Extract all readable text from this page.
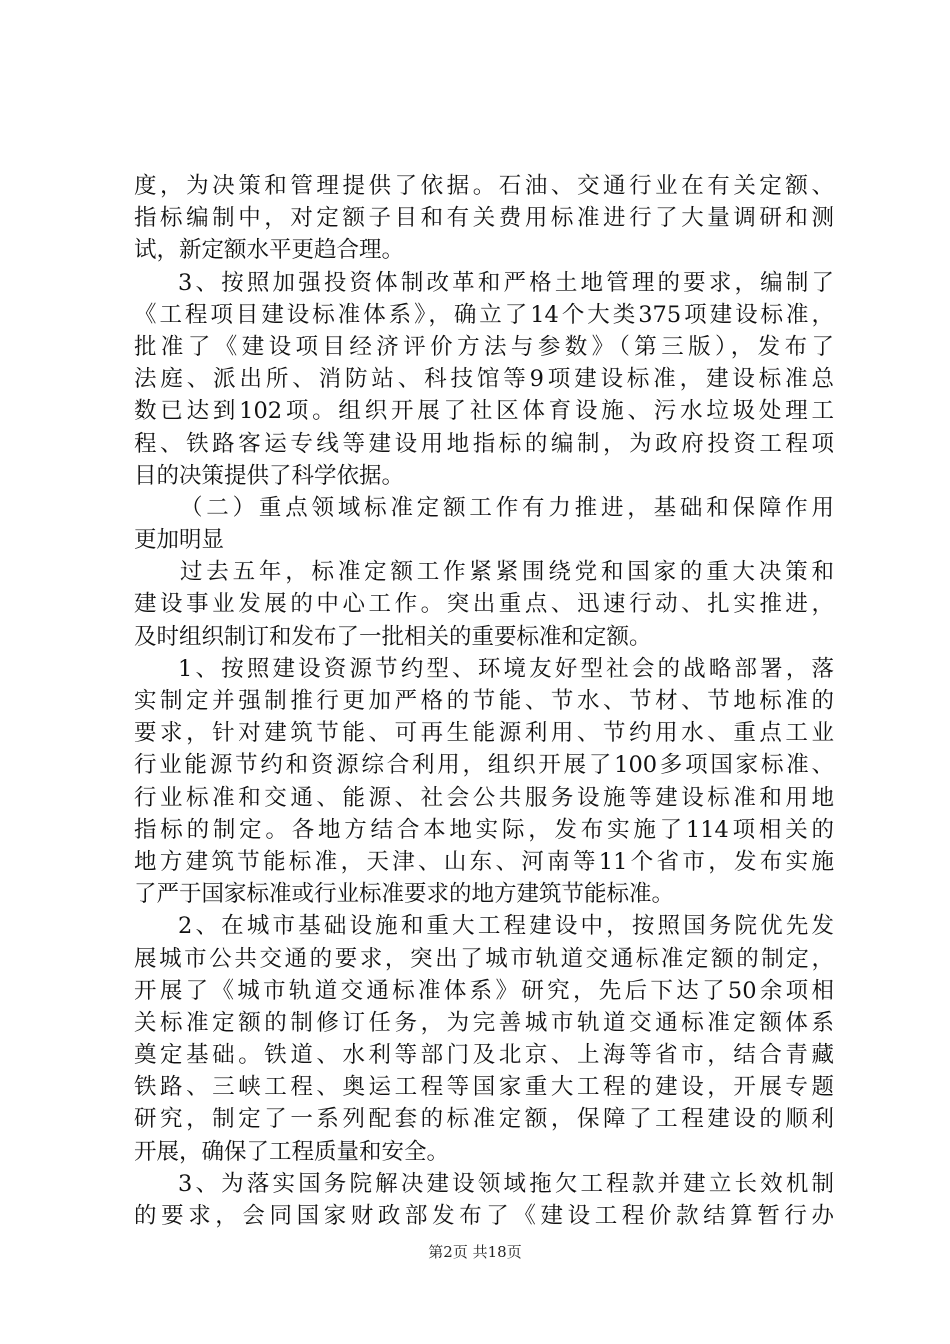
度，为决策和管理提供了依据。石油、交通行业在有关定额、
指标编制中，对定额子目和有关费用标准进行了大量调研和测
试，新定额水平更趋合理。
3、按照加强投资体制改革和严格土地管理的要求，编制了
《工程项目建设标准体系》，确立了14个大类375项建设标准，
批准了《建设项目经济评价方法与参数》（第三版），发布了
法庭、派出所、消防站、科技馆等9项建设标准，建设标准总
数已达到102项。组织开展了社区体育设施、污水垃圾处理工
程、铁路客运专线等建设用地指标的编制，为政府投资工程项
目的决策提供了科学依据。
（二）重点领域标准定额工作有力推进，基础和保障作用
更加明显
过去五年，标准定额工作紧紧围绕党和国家的重大决策和
建设事业发展的中心工作。突出重点、迅速行动、扎实推进，
及时组织制订和发布了一批相关的重要标准和定额。
1、按照建设资源节约型、环境友好型社会的战略部署，落
实制定并强制推行更加严格的节能、节水、节材、节地标准的
要求，针对建筑节能、可再生能源利用、节约用水、重点工业
行业能源节约和资源综合利用，组织开展了100多项国家标准、
行业标准和交通、能源、社会公共服务设施等建设标准和用地
指标的制定。各地方结合本地实际，发布实施了114项相关的
地方建筑节能标准，天津、山东、河南等11个省市，发布实施
了严于国家标准或行业标准要求的地方建筑节能标准。
2、在城市基础设施和重大工程建设中，按照国务院优先发
展城市公共交通的要求，突出了城市轨道交通标准定额的制定，
开展了《城市轨道交通标准体系》研究，先后下达了50余项相
关标准定额的制修订任务，为完善城市轨道交通标准定额体系
奠定基础。铁道、水利等部门及北京、上海等省市，结合青藏
铁路、三峡工程、奥运工程等国家重大工程的建设，开展专题
研究，制定了一系列配套的标准定额，保障了工程建设的顺利
开展，确保了工程质量和安全。
3、为落实国务院解决建设领域拖欠工程款并建立长效机制
的要求，会同国家财政部发布了《建设工程价款结算暂行办
第2页 共18页
